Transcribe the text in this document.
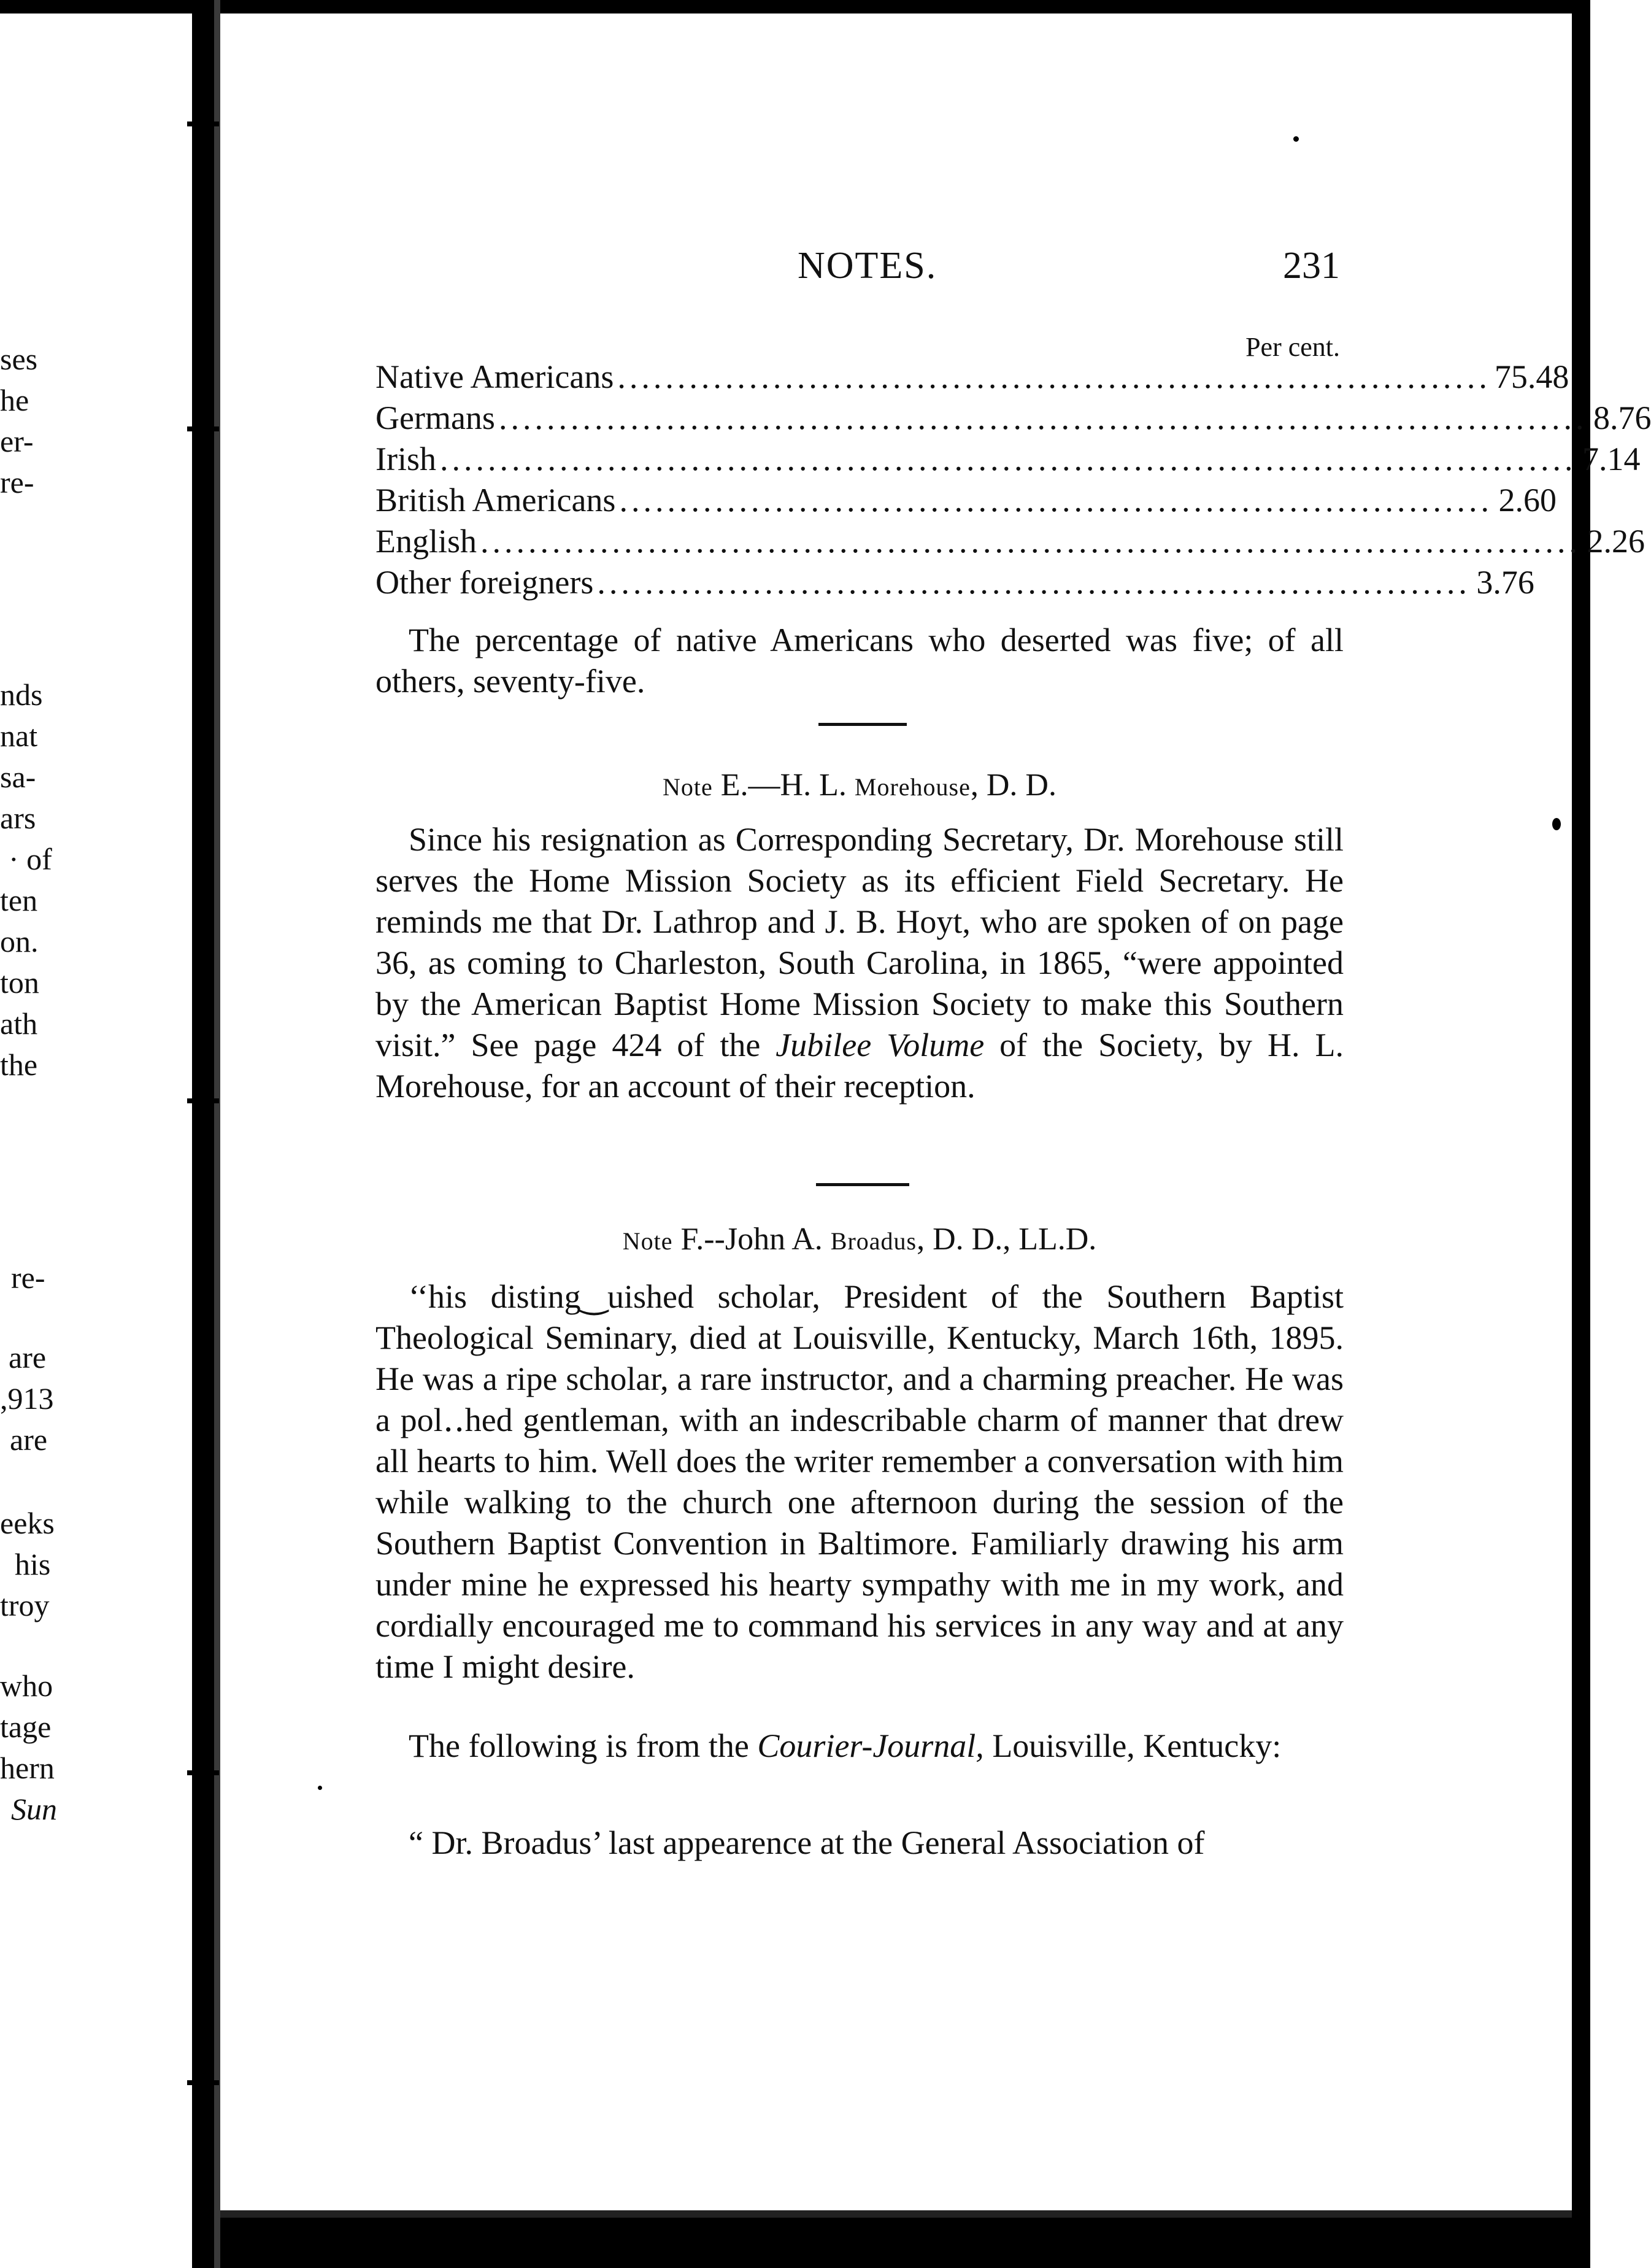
ses
he
er-
re-
nds
nat
sa-
ars
· of
ten
on.
ton
ath
the
re-
are
,913
are
eeks
his
troy
who
tage
hern
Sun
NOTES.	231
Per cent.
Native Americans ......................................................................... 75.48
Germans ........................................................................................... 8.76
Irish ............................................................................................... 7.14
British Americans ......................................................................... 2.60
English ............................................................................................ 2.26
Other foreigners ......................................................................... 3.76

The percentage of native Americans who deserted was five; of all others, seventy-five.

Note E.—H. L. Morehouse, D. D.

Since his resignation as Corresponding Secretary, Dr. Morehouse still serves the Home Mission Society as its efficient Field Secretary. He reminds me that Dr. Lathrop and J. B. Hoyt, who are spoken of on page 36, as coming to Charleston, South Carolina, in 1865, “were appointed by the American Baptist Home Mission Society to make this Southern visit.” See page 424 of the Jubilee Volume of the Society, by H. L. Morehouse, for an account of their reception.

Note F.--John A. Broadus, D. D., LL.D.

‘‘his disting‿uished scholar, President of the Southern Baptist Theological Seminary, died at Louisville, Kentucky, March 16th, 1895. He was a ripe scholar, a rare instructor, and a charming preacher. He was a pol‥hed gentleman, with an indescribable charm of manner that drew all hearts to him. Well does the writer remember a conversation with him while walking to the church one afternoon during the session of the Southern Baptist Convention in Baltimore. Familiarly drawing his arm under mine he expressed his hearty sympathy with me in my work, and cordially encouraged me to command his services in any way and at any time I might desire.

The following is from the Courier-Journal, Louisville, Kentucky:

“ Dr. Broadus’ last appearence at the General Association of
